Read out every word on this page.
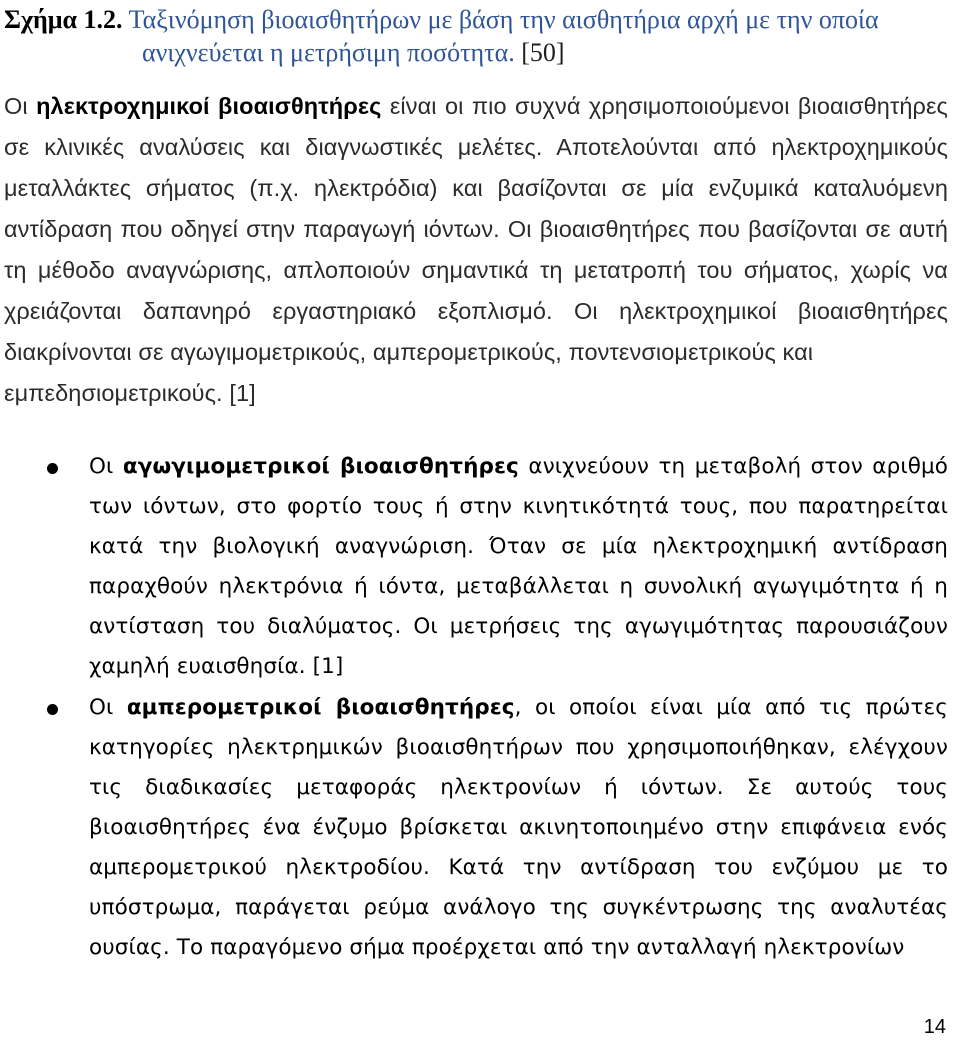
Σχήμα 1.2. Ταξινόμηση βιοαισθητήρων με βάση την αισθητήρια αρχή με την οποία
ανιχνεύεται η μετρήσιμη ποσότητα. [50]

Οι ηλεκτροχημικοί βιοαισθητήρες είναι οι πιο συχνά χρησιμοποιούμενοι βιοαισθητήρες σε κλινικές αναλύσεις και διαγνωστικές μελέτες. Αποτελούνται από ηλεκτροχημικούς μεταλλάκτες σήματος (π.χ. ηλεκτρόδια) και βασίζονται σε μία ενζυμικά καταλυόμενη αντίδραση που οδηγεί στην παραγωγή ιόντων. Οι βιοαισθητήρες που βασίζονται σε αυτή τη μέθοδο αναγνώρισης, απλοποιούν σημαντικά τη μετατροπή του σήματος, χωρίς να χρειάζονται δαπανηρό εργαστηριακό εξοπλισμό. Οι ηλεκτροχημικοί βιοαισθητήρες διακρίνονται σε αγωγιμομετρικούς, αμπερομετρικούς, ποντενσιομετρικούς και
εμπεδησιομετρικούς. [1]

Οι αγωγιμομετρικοί βιοαισθητήρες ανιχνεύουν τη μεταβολή στον αριθμό των ιόντων, στο φορτίο τους ή στην κινητικότητά τους, που παρατηρείται κατά την βιολογική αναγνώριση. Όταν σε μία ηλεκτροχημική αντίδραση παραχθούν ηλεκτρόνια ή ιόντα, μεταβάλλεται η συνολική αγωγιμότητα ή η αντίσταση του διαλύματος. Οι μετρήσεις της αγωγιμότητας παρουσιάζουν χαμηλή ευαισθησία. [1]
Οι αμπερομετρικοί βιοαισθητήρες, οι οποίοι είναι μία από τις πρώτες κατηγορίες ηλεκτρημικών βιοαισθητήρων που χρησιμοποιήθηκαν, ελέγχουν τις διαδικασίες μεταφοράς ηλεκτρονίων ή ιόντων. Σε αυτούς τους βιοαισθητήρες ένα ένζυμο βρίσκεται ακινητοποιημένο στην επιφάνεια ενός αμπερομετρικού ηλεκτροδίου. Κατά την αντίδραση του ενζύμου με το υπόστρωμα, παράγεται ρεύμα ανάλογο της συγκέντρωσης της αναλυτέας ουσίας. Το παραγόμενο σήμα προέρχεται από την ανταλλαγή ηλεκτρονίων
14
